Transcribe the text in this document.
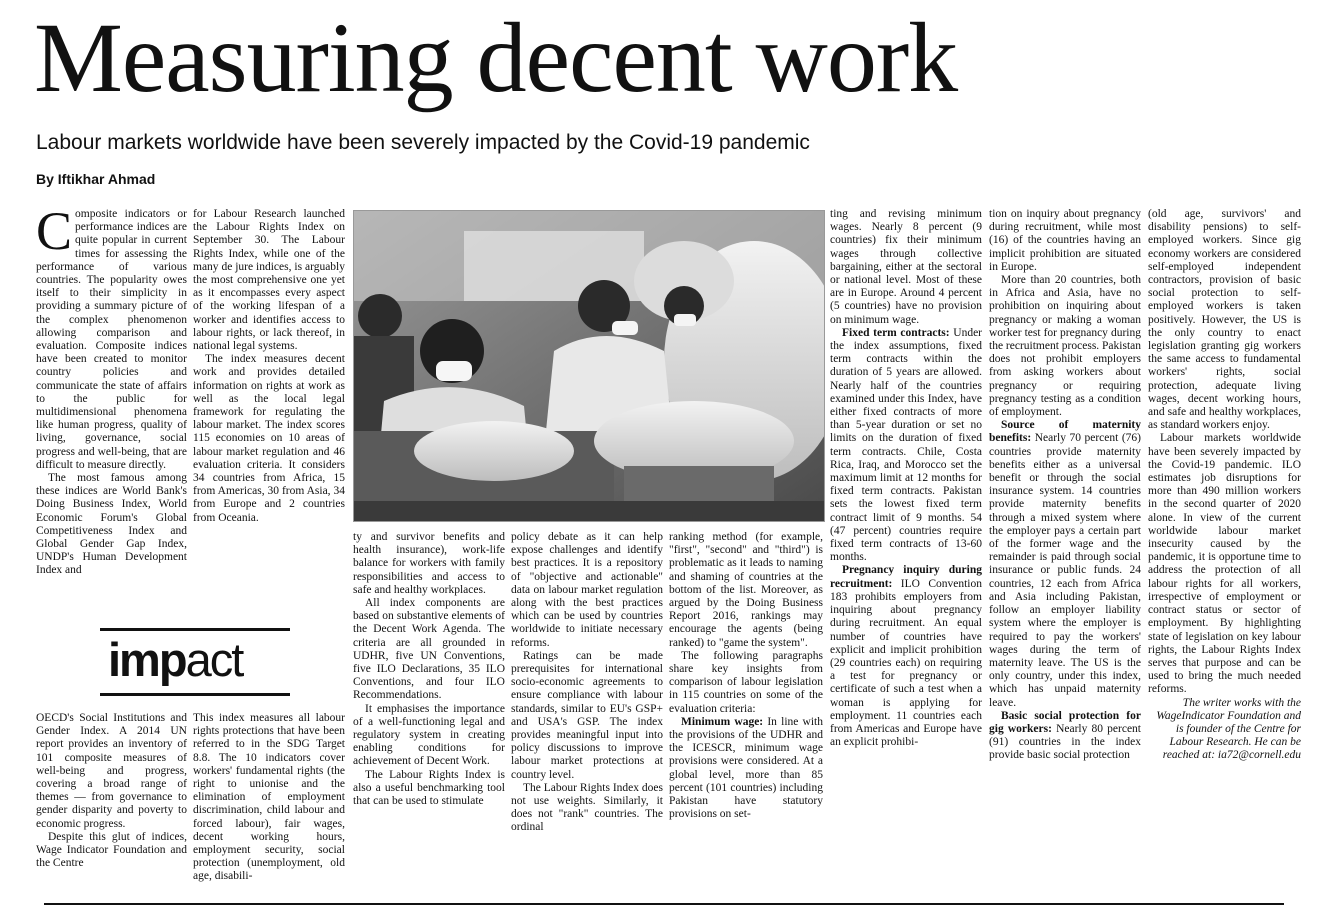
Measuring decent work

Labour markets worldwide have been severely impacted by the Covid-19 pandemic

By Iftikhar Ahmad

Composite indicators or performance indices are quite popular in current times for assessing the performance of various countries. The popularity owes itself to their simplicity in providing a summary picture of the complex phenomenon allowing comparison and evaluation. Composite indices have been created to monitor country policies and communicate the state of affairs to the public for multidimensional phenomena like human progress, quality of living, governance, social progress and well-being, that are difficult to measure directly.

The most famous among these indices are World Bank's Doing Business Index, World Economic Forum's Global Competitiveness Index and Global Gender Gap Index, UNDP's Human Development Index and

OECD's Social Institutions and Gender Index. A 2014 UN report provides an inventory of 101 composite measures of well-being and progress, covering a broad range of themes — from governance to gender disparity and poverty to economic progress.

Despite this glut of indices, Wage Indicator Foundation and the Centre

for Labour Research launched the Labour Rights Index on September 30. The Labour Rights Index, while one of the many de jure indices, is arguably the most comprehensive one yet as it encompasses every aspect of the working lifespan of a worker and identifies access to labour rights, or lack thereof, in national legal systems.

The index measures decent work and provides detailed information on rights at work as well as the local legal framework for regulating the labour market. The index scores 115 economies on 10 areas of labour market regulation and 46 evaluation criteria. It considers 34 countries from Africa, 15 from Americas, 30 from Asia, 34 from Europe and 2 countries from Oceania.

This index measures all labour rights protections that have been referred to in the SDG Target 8.8. The 10 indicators cover workers' fundamental rights (the right to unionise and the elimination of employment discrimination, child labour and forced labour), fair wages, decent working hours, employment security, social protection (unemployment, old age, disabili-

impact

ty and survivor benefits and health insurance), work-life balance for workers with family responsibilities and access to safe and healthy workplaces.

All index components are based on substantive elements of the Decent Work Agenda. The criteria are all grounded in UDHR, five UN Conventions, five ILO Declarations, 35 ILO Conventions, and four ILO Recommendations.

It emphasises the importance of a well-functioning legal and regulatory system in creating enabling conditions for achievement of Decent Work.

The Labour Rights Index is also a useful benchmarking tool that can be used to stimulate

policy debate as it can help expose challenges and identify best practices. It is a repository of "objective and actionable" data on labour market regulation along with the best practices which can be used by countries worldwide to initiate necessary reforms.

Ratings can be made prerequisites for international socio-economic agreements to ensure compliance with labour standards, similar to EU's GSP+ and USA's GSP. The index provides meaningful input into policy discussions to improve labour market protections at country level.

The Labour Rights Index does not use weights. Similarly, it does not "rank" countries. The ordinal

ranking method (for example, "first", "second" and "third") is problematic as it leads to naming and shaming of countries at the bottom of the list. Moreover, as argued by the Doing Business Report 2016, rankings may encourage the agents (being ranked) to "game the system".

The following paragraphs share key insights from comparison of labour legislation in 115 countries on some of the evaluation criteria:

Minimum wage: In line with the provisions of the UDHR and the ICESCR, minimum wage provisions were considered. At a global level, more than 85 percent (101 countries) including Pakistan have statutory provisions on set-

ting and revising minimum wages. Nearly 8 percent (9 countries) fix their minimum wages through collective bargaining, either at the sectoral or national level. Most of these are in Europe. Around 4 percent (5 countries) have no provision on minimum wage.

Fixed term contracts: Under the index assumptions, fixed term contracts within the duration of 5 years are allowed. Nearly half of the countries examined under this Index, have either fixed contracts of more than 5-year duration or set no limits on the duration of fixed term contracts. Chile, Costa Rica, Iraq, and Morocco set the maximum limit at 12 months for fixed term contracts. Pakistan sets the lowest fixed term contract limit of 9 months. 54 (47 percent) countries require fixed term contracts of 13-60 months.

Pregnancy inquiry during recruitment: ILO Convention 183 prohibits employers from inquiring about pregnancy during recruitment. An equal number of countries have explicit and implicit prohibition (29 countries each) on requiring a test for pregnancy or certificate of such a test when a woman is applying for employment. 11 countries each from Americas and Europe have an explicit prohibi-

tion on inquiry about pregnancy during recruitment, while most (16) of the countries having an implicit prohibition are situated in Europe.

More than 20 countries, both in Africa and Asia, have no prohibition on inquiring about pregnancy or making a woman worker test for pregnancy during the recruitment process. Pakistan does not prohibit employers from asking workers about pregnancy or requiring pregnancy testing as a condition of employment.

Source of maternity benefits: Nearly 70 percent (76) countries provide maternity benefits either as a universal benefit or through the social insurance system. 14 countries provide maternity benefits through a mixed system where the employer pays a certain part of the former wage and the remainder is paid through social insurance or public funds. 24 countries, 12 each from Africa and Asia including Pakistan, follow an employer liability system where the employer is required to pay the workers' wages during the term of maternity leave. The US is the only country, under this index, which has unpaid maternity leave.

Basic social protection for gig workers: Nearly 80 percent (91) countries in the index provide basic social protection

(old age, survivors' and disability pensions) to self-employed workers. Since gig economy workers are considered self-employed independent contractors, provision of basic social protection to self-employed workers is taken positively. However, the US is the only country to enact legislation granting gig workers the same access to fundamental workers' rights, social protection, adequate living wages, decent working hours, and safe and healthy workplaces, as standard workers enjoy.

Labour markets worldwide have been severely impacted by the Covid-19 pandemic. ILO estimates job disruptions for more than 490 million workers in the second quarter of 2020 alone. In view of the current worldwide labour market insecurity caused by the pandemic, it is opportune time to address the protection of all labour rights for all workers, irrespective of employment or contract status or sector of employment. By highlighting state of legislation on key labour rights, the Labour Rights Index serves that purpose and can be used to bring the much needed reforms.

The writer works with the WageIndicator Foundation and is founder of the Centre for Labour Research. He can be reached at: ia72@cornell.edu
